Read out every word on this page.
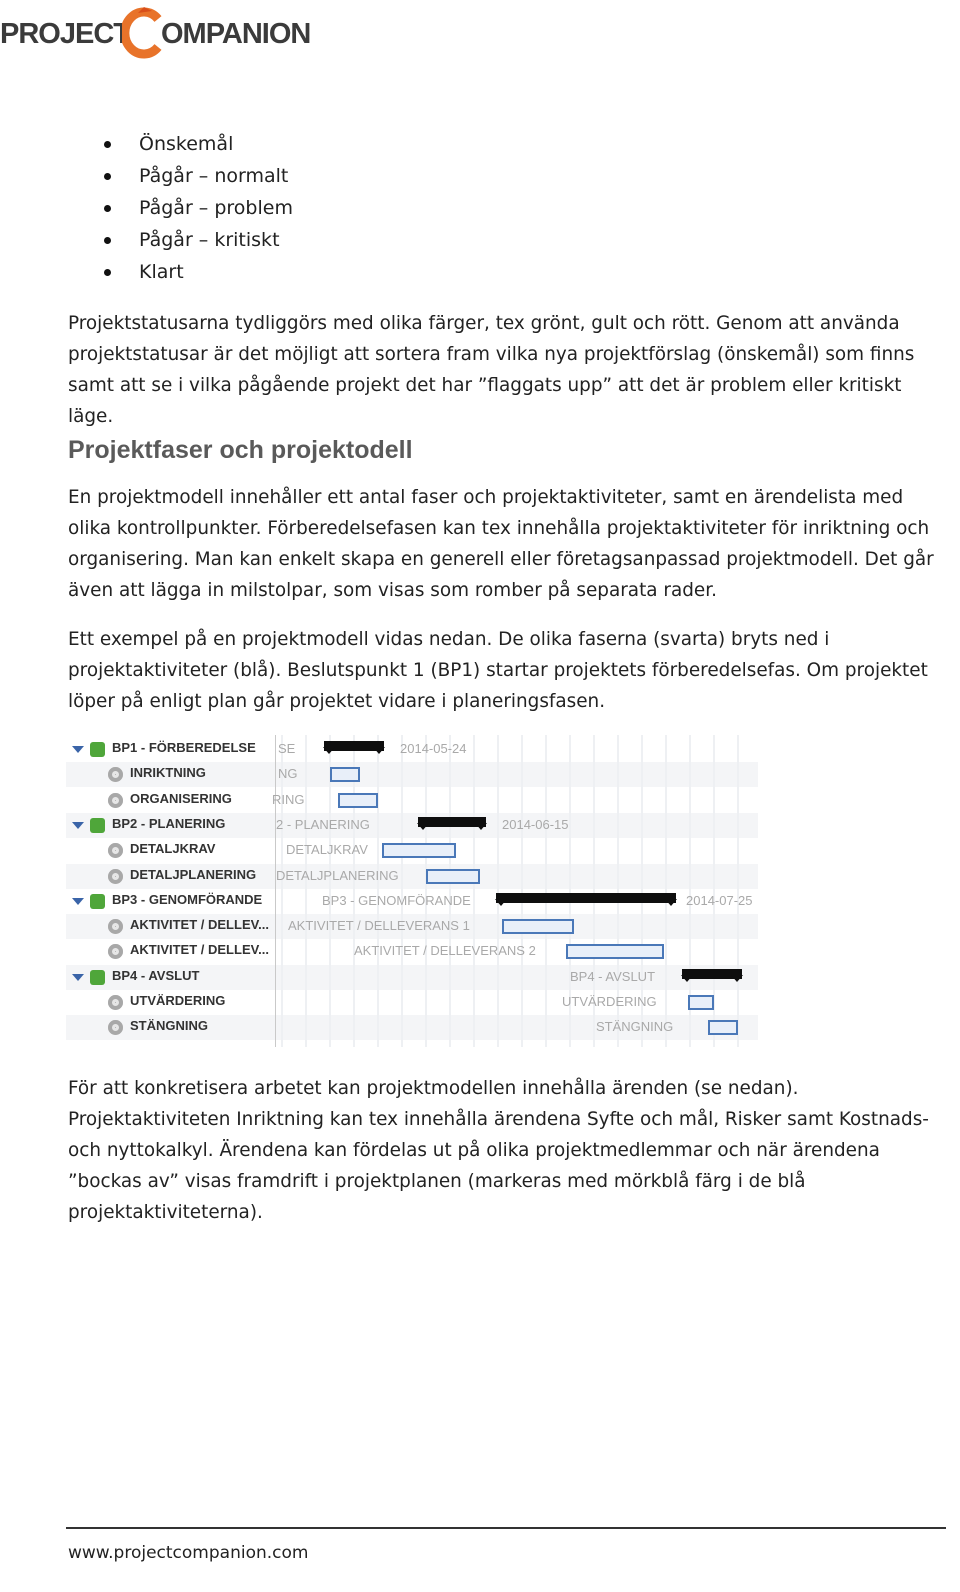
PROJECT OMPANION
Önskemål
Pågår – normalt
Pågår – problem
Pågår – kritiskt
Klart

Projektstatusarna tydliggörs med olika färger, tex grönt, gult och rött. Genom att använda projektstatusar är det möjligt att sortera fram vilka nya projektförslag (önskemål) som finns samt att se i vilka pågående projekt det har ”flaggats upp” att det är problem eller kritiskt läge.

Projektfaser och projektodell

En projektmodell innehåller ett antal faser och projektaktiviteter, samt en ärendelista med olika kontrollpunkter. Förberedelsefasen kan tex innehålla projektaktiviteter för inriktning och organisering. Man kan enkelt skapa en generell eller företagsanpassad projektmodell. Det går även att lägga in milstolpar, som visas som romber på separata rader.

Ett exempel på en projektmodell vidas nedan. De olika faserna (svarta) bryts ned i projektaktiviteter (blå). Beslutspunkt 1 (BP1) startar projektets förberedelsefas. Om projektet löper på enligt plan går projektet vidare i planeringsfasen.

BP1 - FÖRBEREDELSE SE	2014-05-24
INRIKTNING	NG
ORGANISERING	RING
BP2 - PLANERING	2 - PLANERING	2014-06-15
DETALJKRAV	DETALJKRAV
DETALJPLANERING DETALJPLANERING
BP3 - GENOMFÖRANDE	BP3 - GENOMFÖRANDE	2014-07-25
AKTIVITET / DELLEV... AKTIVITET / DELLEVERANS 1
AKTIVITET / DELLEV...	AKTIVITET / DELLEVERANS 2
BP4 - AVSLUT	BP4 - AVSLUT
UTVÄRDERING	UTVÄRDERING
STÄNGNING	STÄNGNING

För att konkretisera arbetet kan projektmodellen innehålla ärenden (se nedan). Projektaktiviteten Inriktning kan tex innehålla ärendena Syfte och mål, Risker samt Kostnads- och nyttokalkyl. Ärendena kan fördelas ut på olika projektmedlemmar och när ärendena ”bockas av” visas framdrift i projektplanen (markeras med mörkblå färg i de blå projektaktiviteterna).

www.projectcompanion.com
